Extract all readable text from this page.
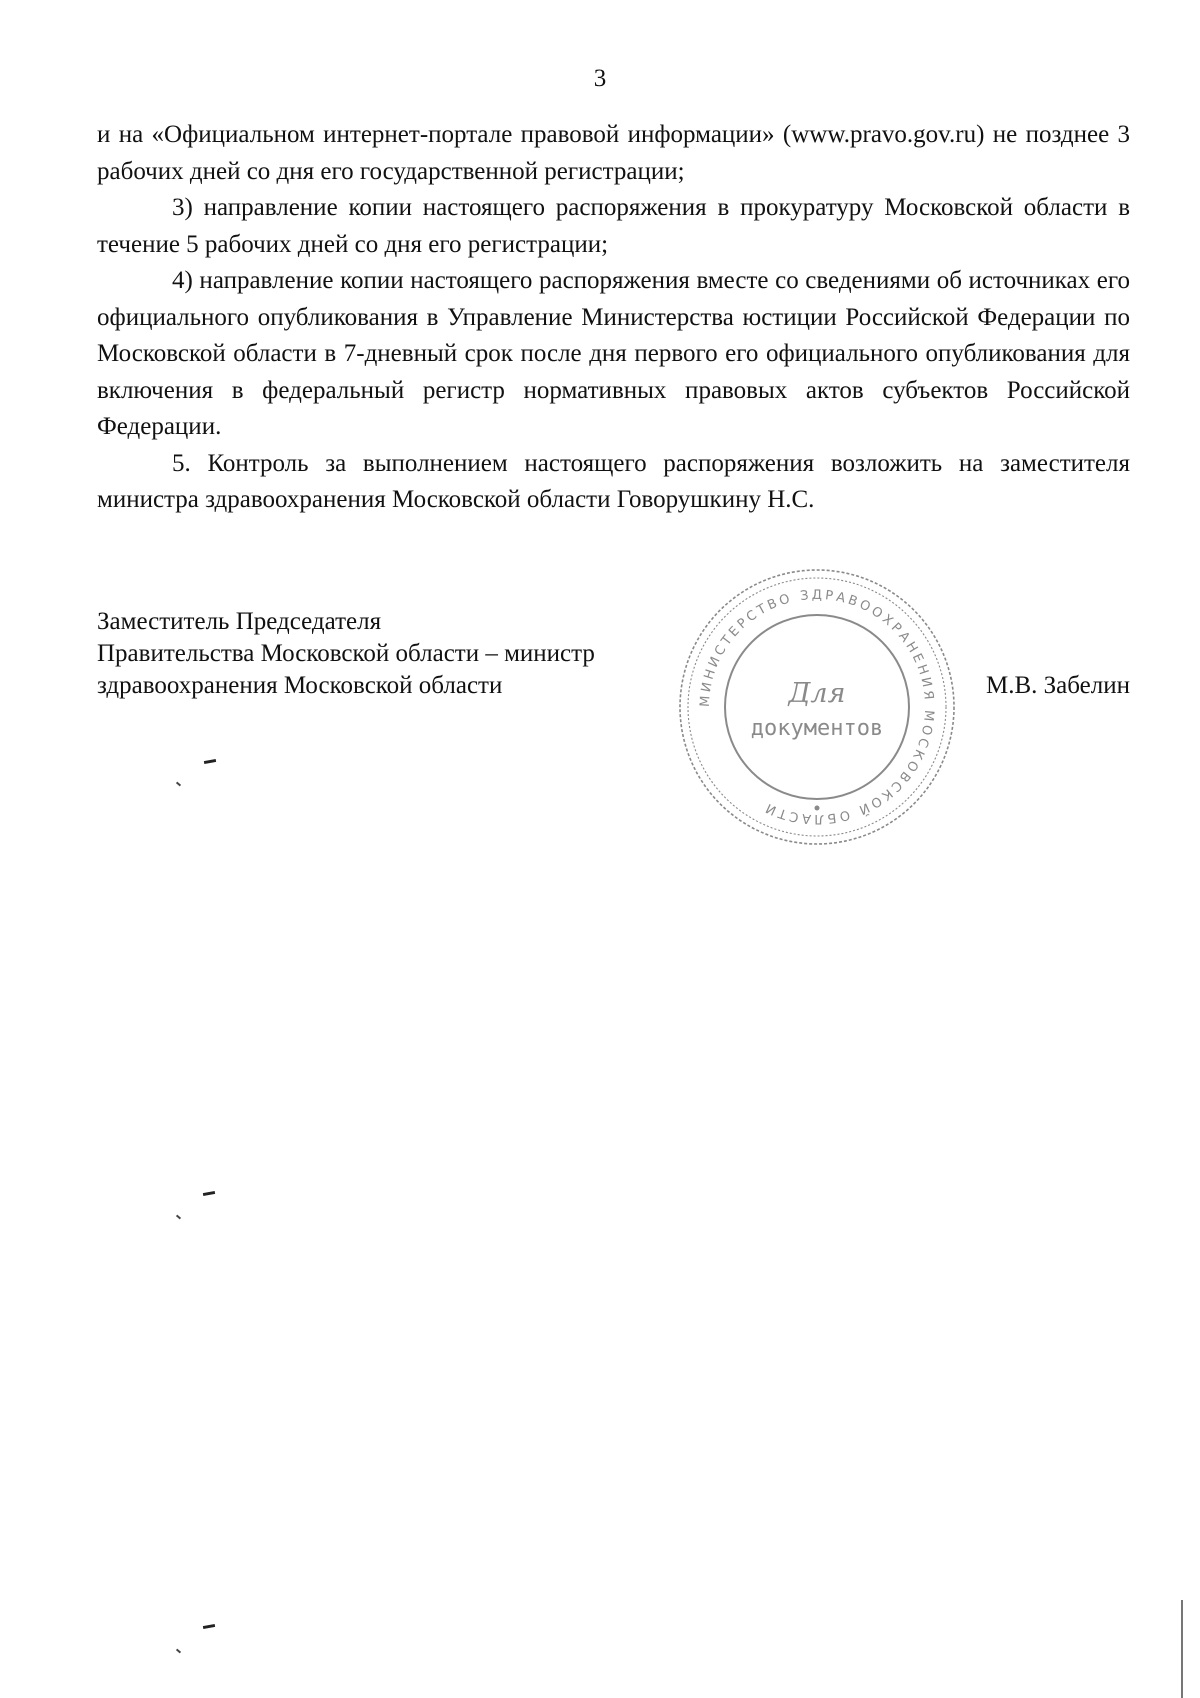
3

и на «Официальном интернет-портале правовой информации» (www.pravo.gov.ru) не позднее 3 рабочих дней со дня его государственной регистрации;

3) направление копии настоящего распоряжения в прокуратуру Московской области в течение 5 рабочих дней со дня его регистрации;

4) направление копии настоящего распоряжения вместе со сведениями об источниках его официального опубликования в Управление Министерства юстиции Российской Федерации по Московской области в 7-дневный срок после дня первого его официального опубликования для включения в федеральный регистр нормативных правовых актов субъектов Российской Федерации.

5. Контроль за выполнением настоящего распоряжения возложить на заместителя министра здравоохранения Московской области Говорушкину Н.С.

Заместитель Председателя
Правительства Московской области – министр
здравоохранения Московской области	М.В. Забелин
МИНИСТЕРСТВО ЗДРАВООХРАНЕНИЯ МОСКОВСКОЙ ОБЛАСТИ
Для
документов
